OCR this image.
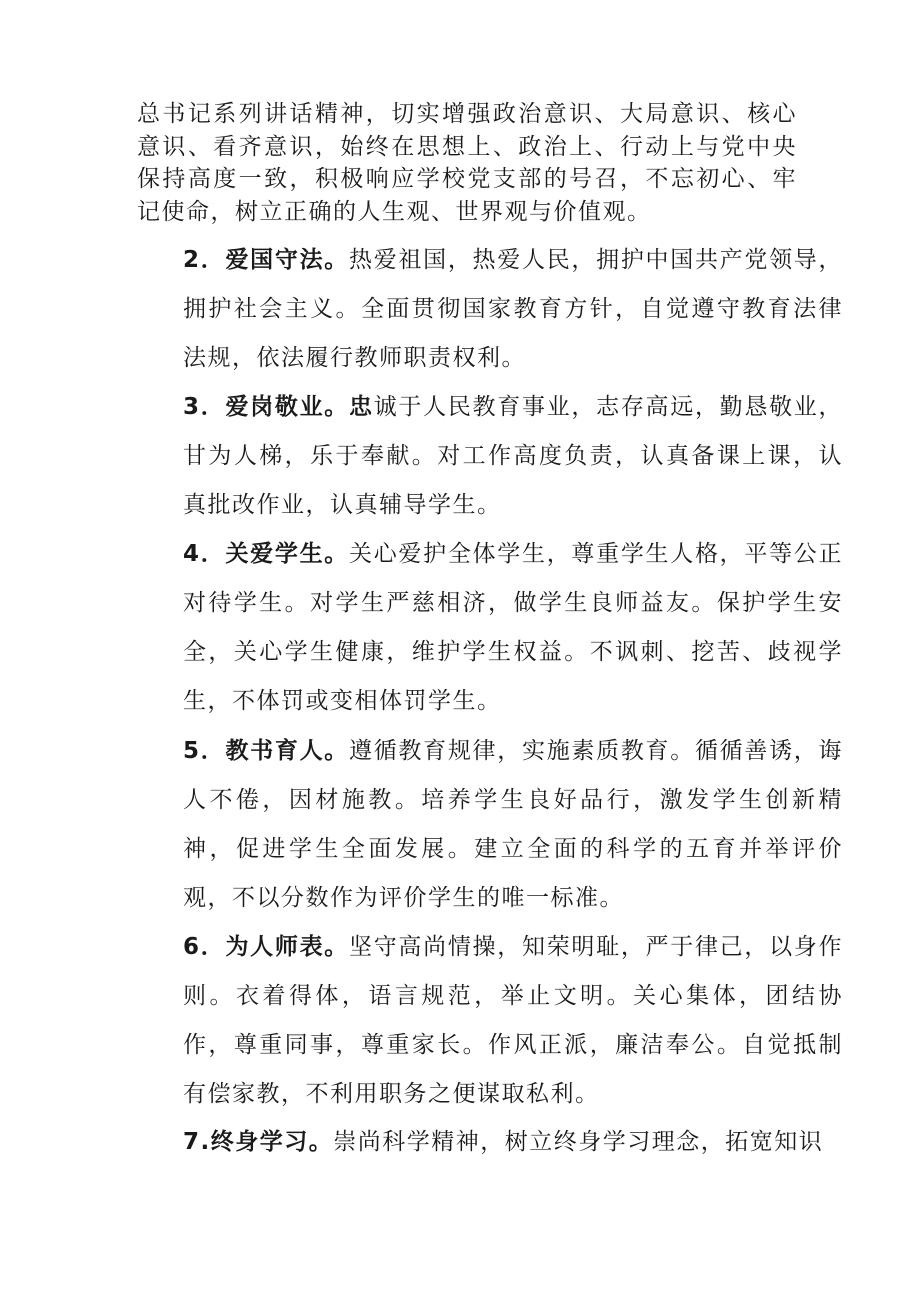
总书记系列讲话精神，切实增强政治意识、大局意识、核心意识、看齐意识，始终在思想上、政治上、行动上与党中央保持高度一致，积极响应学校党支部的号召，不忘初心、牢记使命，树立正确的人生观、世界观与价值观。

2．爱国守法。热爱祖国，热爱人民，拥护中国共产党领导，拥护社会主义。全面贯彻国家教育方针，自觉遵守教育法律法规，依法履行教师职责权利。

3．爱岗敬业。忠诚于人民教育事业，志存高远，勤恳敬业，甘为人梯，乐于奉献。对工作高度负责，认真备课上课，认真批改作业，认真辅导学生。

4．关爱学生。关心爱护全体学生，尊重学生人格，平等公正对待学生。对学生严慈相济，做学生良师益友。保护学生安全，关心学生健康，维护学生权益。不讽刺、挖苦、歧视学生，不体罚或变相体罚学生。

5．教书育人。遵循教育规律，实施素质教育。循循善诱，诲人不倦，因材施教。培养学生良好品行，激发学生创新精神，促进学生全面发展。建立全面的科学的五育并举评价观，不以分数作为评价学生的唯一标准。

6．为人师表。坚守高尚情操，知荣明耻，严于律己，以身作则。衣着得体，语言规范，举止文明。关心集体，团结协作，尊重同事，尊重家长。作风正派，廉洁奉公。自觉抵制有偿家教，不利用职务之便谋取私利。

7.终身学习。崇尚科学精神，树立终身学习理念，拓宽知识
